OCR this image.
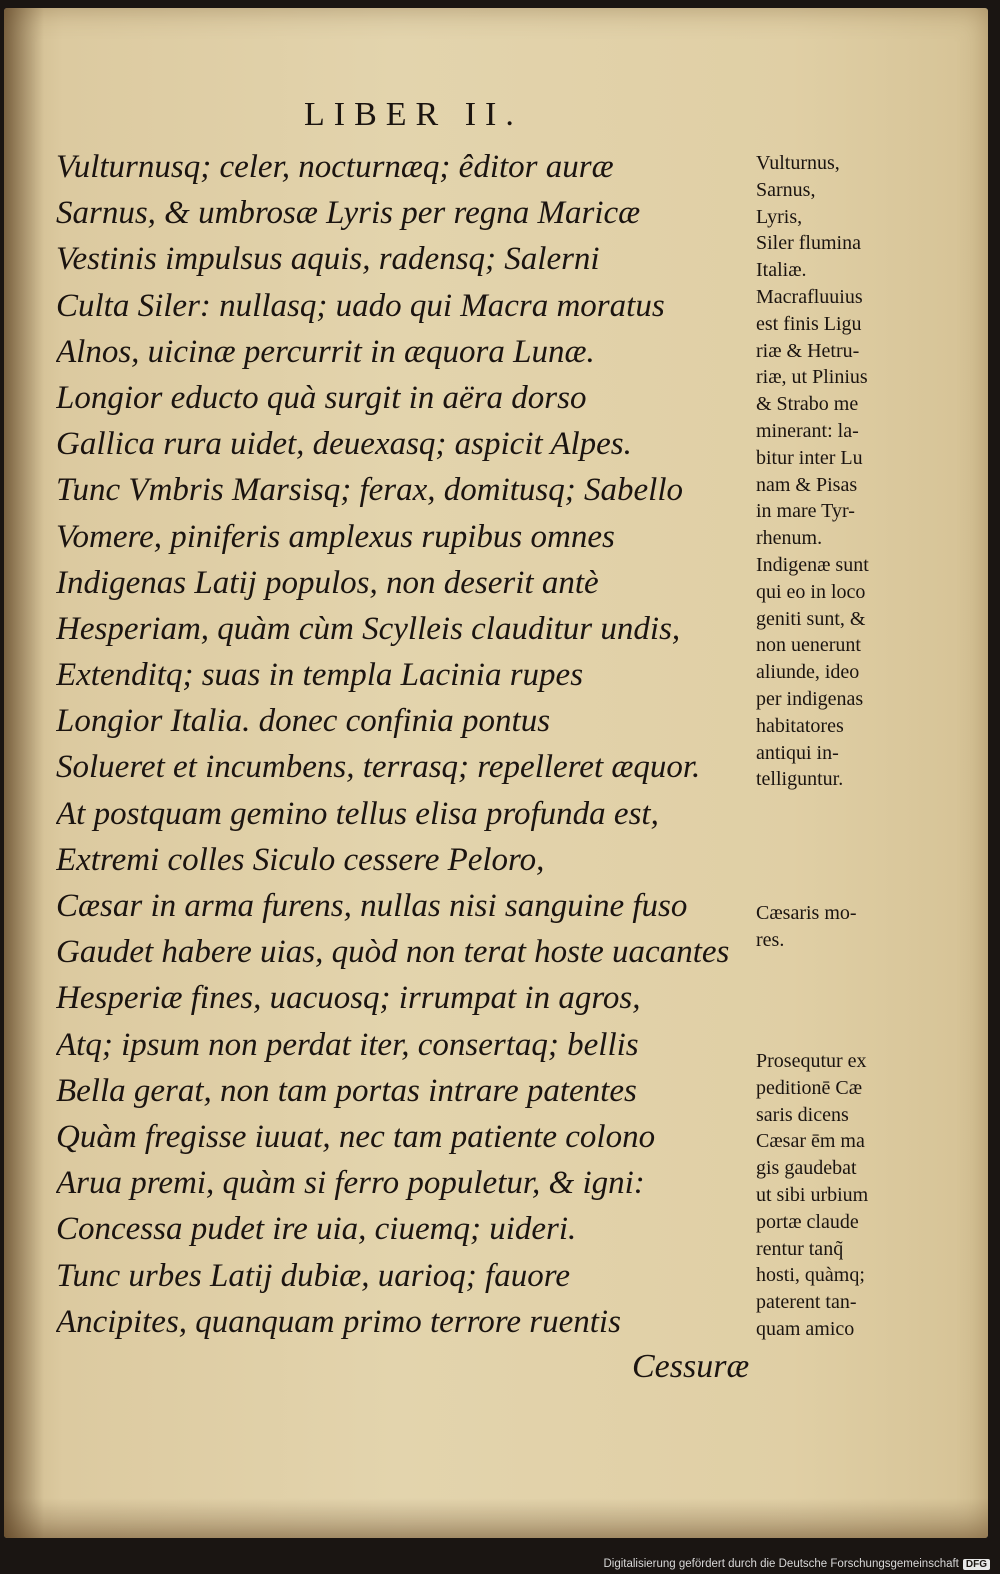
LIBER II.
Vulturnusq; celer, nocturnæq; êditor auræ
Sarnus, & umbrosæ Lyris per regna Maricæ
Vestinis impulsus aquis, radensq; Salerni
Culta Siler: nullasq; uado qui Macra moratus
Alnos, uicinæ percurrit in æquora Lunæ.
Longior educto quà surgit in aëra dorso
Gallica rura uidet, deuexasq; aspicit Alpes.
Tunc Vmbris Marsisq; ferax, domitusq; Sabello
Vomere, piniferis amplexus rupibus omnes
Indigenas Latij populos, non deserit antè
Hesperiam, quàm cùm Scylleis clauditur undis,
Extenditq; suas in templa Lacinia rupes
Longior Italia. donec confinia pontus
Solueret et incumbens, terrasq; repelleret æquor.
At postquam gemino tellus elisa profunda est,
Extremi colles Siculo cessere Peloro,
Cæsar in arma furens, nullas nisi sanguine fuso
Gaudet habere uias, quòd non terat hoste uacantes
Hesperiæ fines, uacuosq; irrumpat in agros,
Atq; ipsum non perdat iter, consertaq; bellis
Bella gerat, non tam portas intrare patentes
Quàm fregisse iuuat, nec tam patiente colono
Arua premi, quàm si ferro populetur, & igni:
Concessa pudet ire uia, ciuemq; uideri.
Tunc urbes Latij dubiæ, uarioq; fauore
Ancipites, quanquam primo terrore ruentis
Cessuræ
Vulturnus,
Sarnus,
Lyris,
Siler flumina
Italiæ.
Macrafluuius
est finis Ligu
riæ & Hetru-
riæ, ut Plinius
& Strabo me
minerant: la-
bitur inter Lu
nam & Pisas
in mare Tyr-
rhenum.
Indigenæ sunt
qui eo in loco
geniti sunt, &
non uenerunt
aliunde, ideo
per indigenas
habitatores
antiqui in-
telliguntur.
Cæsaris mo-
res.
Prosequtur ex
peditionē Cæ
saris dicens
Cæsar ēm ma
gis gaudebat
ut sibi urbium
portæ claude
rentur tanq̃
hosti, quàmq;
paterent tan-
quam amico
Digitalisierung gefördert durch die Deutsche Forschungsgemeinschaft DFG
